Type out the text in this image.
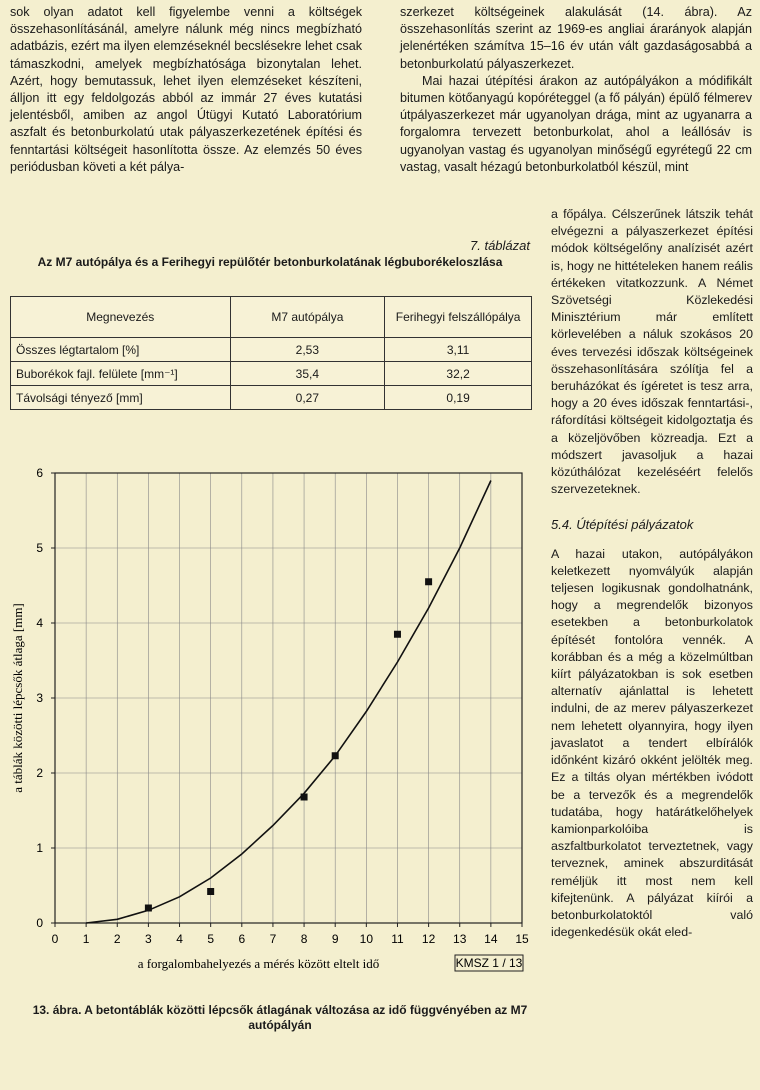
sok olyan adatot kell figyelembe venni a költségek összehasonlításánál, amelyre nálunk még nincs megbízható adatbázis, ezért ma ilyen elemzéseknél becslésekre lehet csak támaszkodni, amelyek megbízhatósága bizonytalan lehet. Azért, hogy bemutassuk, lehet ilyen elemzéseket készíteni, álljon itt egy feldolgozás abból az immár 27 éves kutatási jelentésből, amiben az angol Útügyi Kutató Laboratórium aszfalt és betonburkolatú utak pályaszerkezetének építési és fenntartási költségeit hasonlította össze. Az elemzés 50 éves periódusban követi a két pálya-

szerkezet költségeinek alakulását (14. ábra). Az összehasonlítás szerint az 1969-es angliai árarányok alapján jelenértéken számítva 15–16 év után vált gazdaságosabbá a betonburkolatú pályaszerkezet.

Mai hazai útépítési árakon az autópályákon a módifikált bitumen kötőanyagú kopóréteggel (a fő pályán) épülő félmerev útpályaszerkezet már ugyanolyan drága, mint az ugyanarra a forgalomra tervezett betonburkolat, ahol a leállósáv is ugyanolyan vastag és ugyanolyan minőségű egyrétegű 22 cm vastag, vasalt hézagú betonburkolatból készül, mint

a főpálya. Célszerűnek látszik tehát elvégezni a pályaszerkezet építési módok költségelőny analízisét azért is, hogy ne hittételeken hanem reális értékeken vitatkozzunk. A Német Szövetségi Közlekedési Minisztérium már említett körlevelében a náluk szokásos 20 éves tervezési időszak költségeinek összehasonlítására szólítja fel a beruházókat és ígéretet is tesz arra, hogy a 20 éves időszak fenntartási-, ráfordítási költségeit kidolgoztatja és a közeljövőben közreadja. Ezt a módszert javasoljuk a hazai közúthálózat kezeléséért felelős szervezeteknek.

5.4. Útépítési pályázatok

A hazai utakon, autópályákon keletkezett nyomvályúk alapján teljesen logikusnak gondolhatnánk, hogy a megrendelők bizonyos esetekben a betonburkolatok építését fontolóra vennék. A korábban és a még a közelmúltban kiírt pályázatokban is sok esetben alternatív ajánlattal is lehetett indulni, de az merev pályaszerkezet nem lehetett olyannyira, hogy ilyen javaslatot a tendert elbírálók időnként kizáró okként jelölték meg. Ez a tiltás olyan mértékben ivódott be a tervezők és a megrendelők tudatába, hogy határátkelőhelyek kamionparkolóiba is aszfaltburkolatot terveztetnek, vagy terveznek, aminek abszurditását reméljük itt most nem kell kifejtenünk. A pályázat kiírói a betonburkolatoktól való idegenkedésük okát eled-

7. táblázat

Az M7 autópálya és a Ferihegyi repülőtér betonburkolatának légbuborékeloszlása

Megnevezés	M7 autópálya	Ferihegyi felszállópálya
Összes légtartalom [%]	2,53	3,11
Buborékok fajl. felülete [mm⁻¹]	35,4	32,2
Távolsági tényező [mm]	0,27	0,19
0 1 2 3 4 5 6 7 8 9 10 11 12 13 14 15
0
1
2
3
4
5
6
a forgalombahelyezés a mérés között eltelt idő
a táblák közötti lépcsők átlaga [mm]
KMSZ 1 / 13

13. ábra. A betontáblák közötti lépcsők átlagának változása az idő függvényében az M7 autópályán
